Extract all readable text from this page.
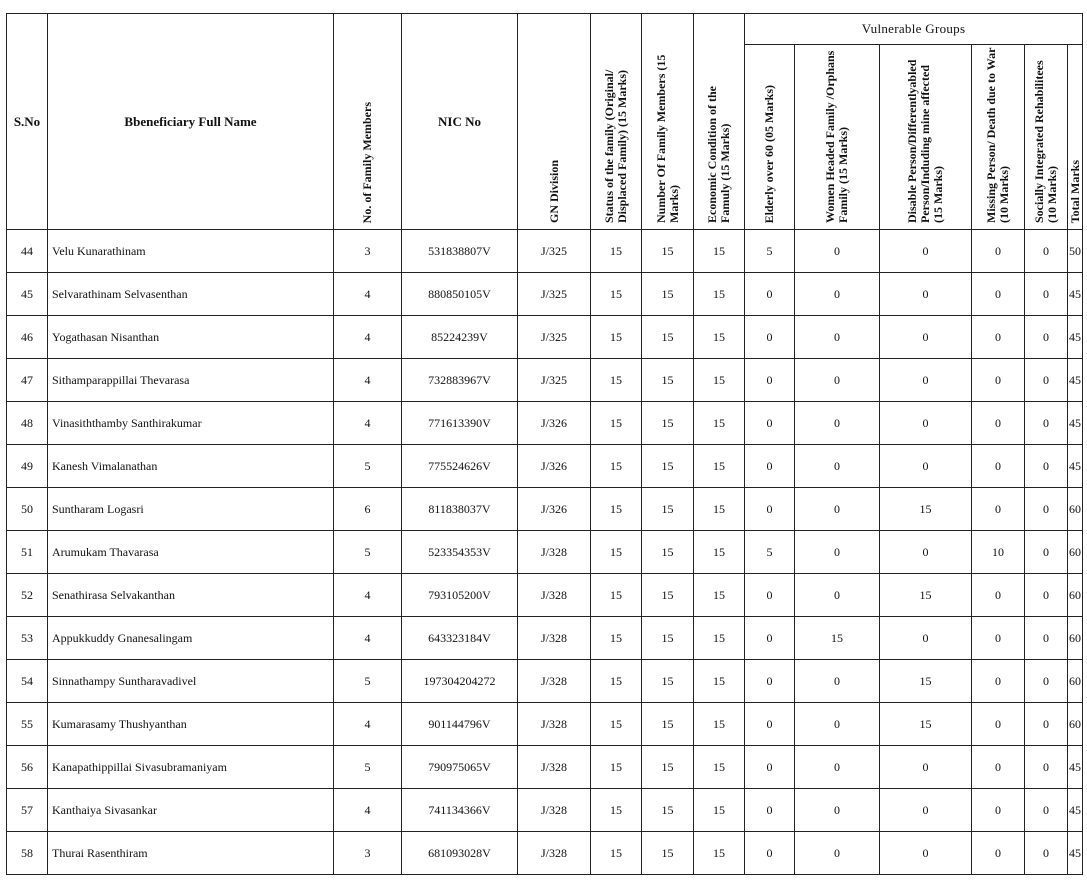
S.No	Bbeneficiary Full Name	No. of Family Members	NIC No	GN Division	Status of the family (Original/ Displaced Family) (15 Marks)	Number Of Family Members (15 Marks)	Economic Condition of the Famuly (15 Marks)	Vulnerable Groups					

								Elderly over 60 (05 Marks)	Women Headed Family /Orphans Family (15 Marks)	Disable Person/Differentlyabled Person/Induding mine affected (15 Marks)	Missing Person/ Death due to War (10 Marks)	Socially Integrated Rehabilitees (10 Marks)	Total Marks

44	Velu Kunarathinam	3	531838807V	J/325	15	15	15	5	0	0	0	0	50
45	Selvarathinam Selvasenthan	4	880850105V	J/325	15	15	15	0	0	0	0	0	45
46	Yogathasan Nisanthan	4	85224239V	J/325	15	15	15	0	0	0	0	0	45
47	Sithamparappillai Thevarasa	4	732883967V	J/325	15	15	15	0	0	0	0	0	45
48	Vinasiththamby Santhirakumar	4	771613390V	J/326	15	15	15	0	0	0	0	0	45
49	Kanesh Vimalanathan	5	775524626V	J/326	15	15	15	0	0	0	0	0	45
50	Suntharam Logasri	6	811838037V	J/326	15	15	15	0	0	15	0	0	60
51	Arumukam Thavarasa	5	523354353V	J/328	15	15	15	5	0	0	10	0	60
52	Senathirasa Selvakanthan	4	793105200V	J/328	15	15	15	0	0	15	0	0	60
53	Appukkuddy Gnanesalingam	4	643323184V	J/328	15	15	15	0	15	0	0	0	60
54	Sinnathampy Suntharavadivel	5	197304204272	J/328	15	15	15	0	0	15	0	0	60
55	Kumarasamy Thushyanthan	4	901144796V	J/328	15	15	15	0	0	15	0	0	60
56	Kanapathippillai Sivasubramaniyam	5	790975065V	J/328	15	15	15	0	0	0	0	0	45
57	Kanthaiya Sivasankar	4	741134366V	J/328	15	15	15	0	0	0	0	0	45
58	Thurai Rasenthiram	3	681093028V	J/328	15	15	15	0	0	0	0	0	45
